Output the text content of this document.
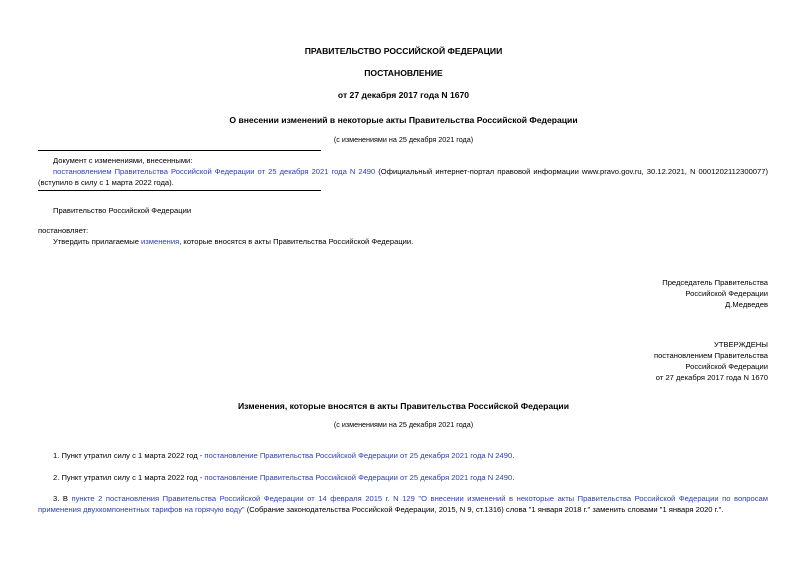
ПРАВИТЕЛЬСТВО РОССИЙСКОЙ ФЕДЕРАЦИИ
ПОСТАНОВЛЕНИЕ
от 27 декабря 2017 года N 1670
О внесении изменений в некоторые акты Правительства Российской Федерации
(с изменениями на 25 декабря 2021 года)
Документ с изменениями, внесенными:
постановлением Правительства Российской Федерации от 25 декабря 2021 года N 2490 (Официальный интернет-портал правовой информации www.pravo.gov.ru, 30.12.2021, N 0001202112300077) (вступило в силу с 1 марта 2022 года).
Правительство Российской Федерации
постановляет:
Утвердить прилагаемые изменения, которые вносятся в акты Правительства Российской Федерации.
Председатель Правительства
Российской Федерации
Д.Медведев
УТВЕРЖДЕНЫ
постановлением Правительства
Российской Федерации
от 27 декабря 2017 года N 1670
Изменения, которые вносятся в акты Правительства Российской Федерации
(с изменениями на 25 декабря 2021 года)
1. Пункт утратил силу с 1 марта 2022 год - постановление Правительства Российской Федерации от 25 декабря 2021 года N 2490.
2. Пункт утратил силу с 1 марта 2022 год - постановление Правительства Российской Федерации от 25 декабря 2021 года N 2490.
3. В пункте 2 постановления Правительства Российской Федерации от 14 февраля 2015 г. N 129 "О внесении изменений в некоторые акты Правительства Российской Федерации по вопросам применения двухкомпонентных тарифов на горячую воду" (Собрание законодательства Российской Федерации, 2015, N 9, ст.1316) слова "1 января 2018 г." заменить словами "1 января 2020 г.".
